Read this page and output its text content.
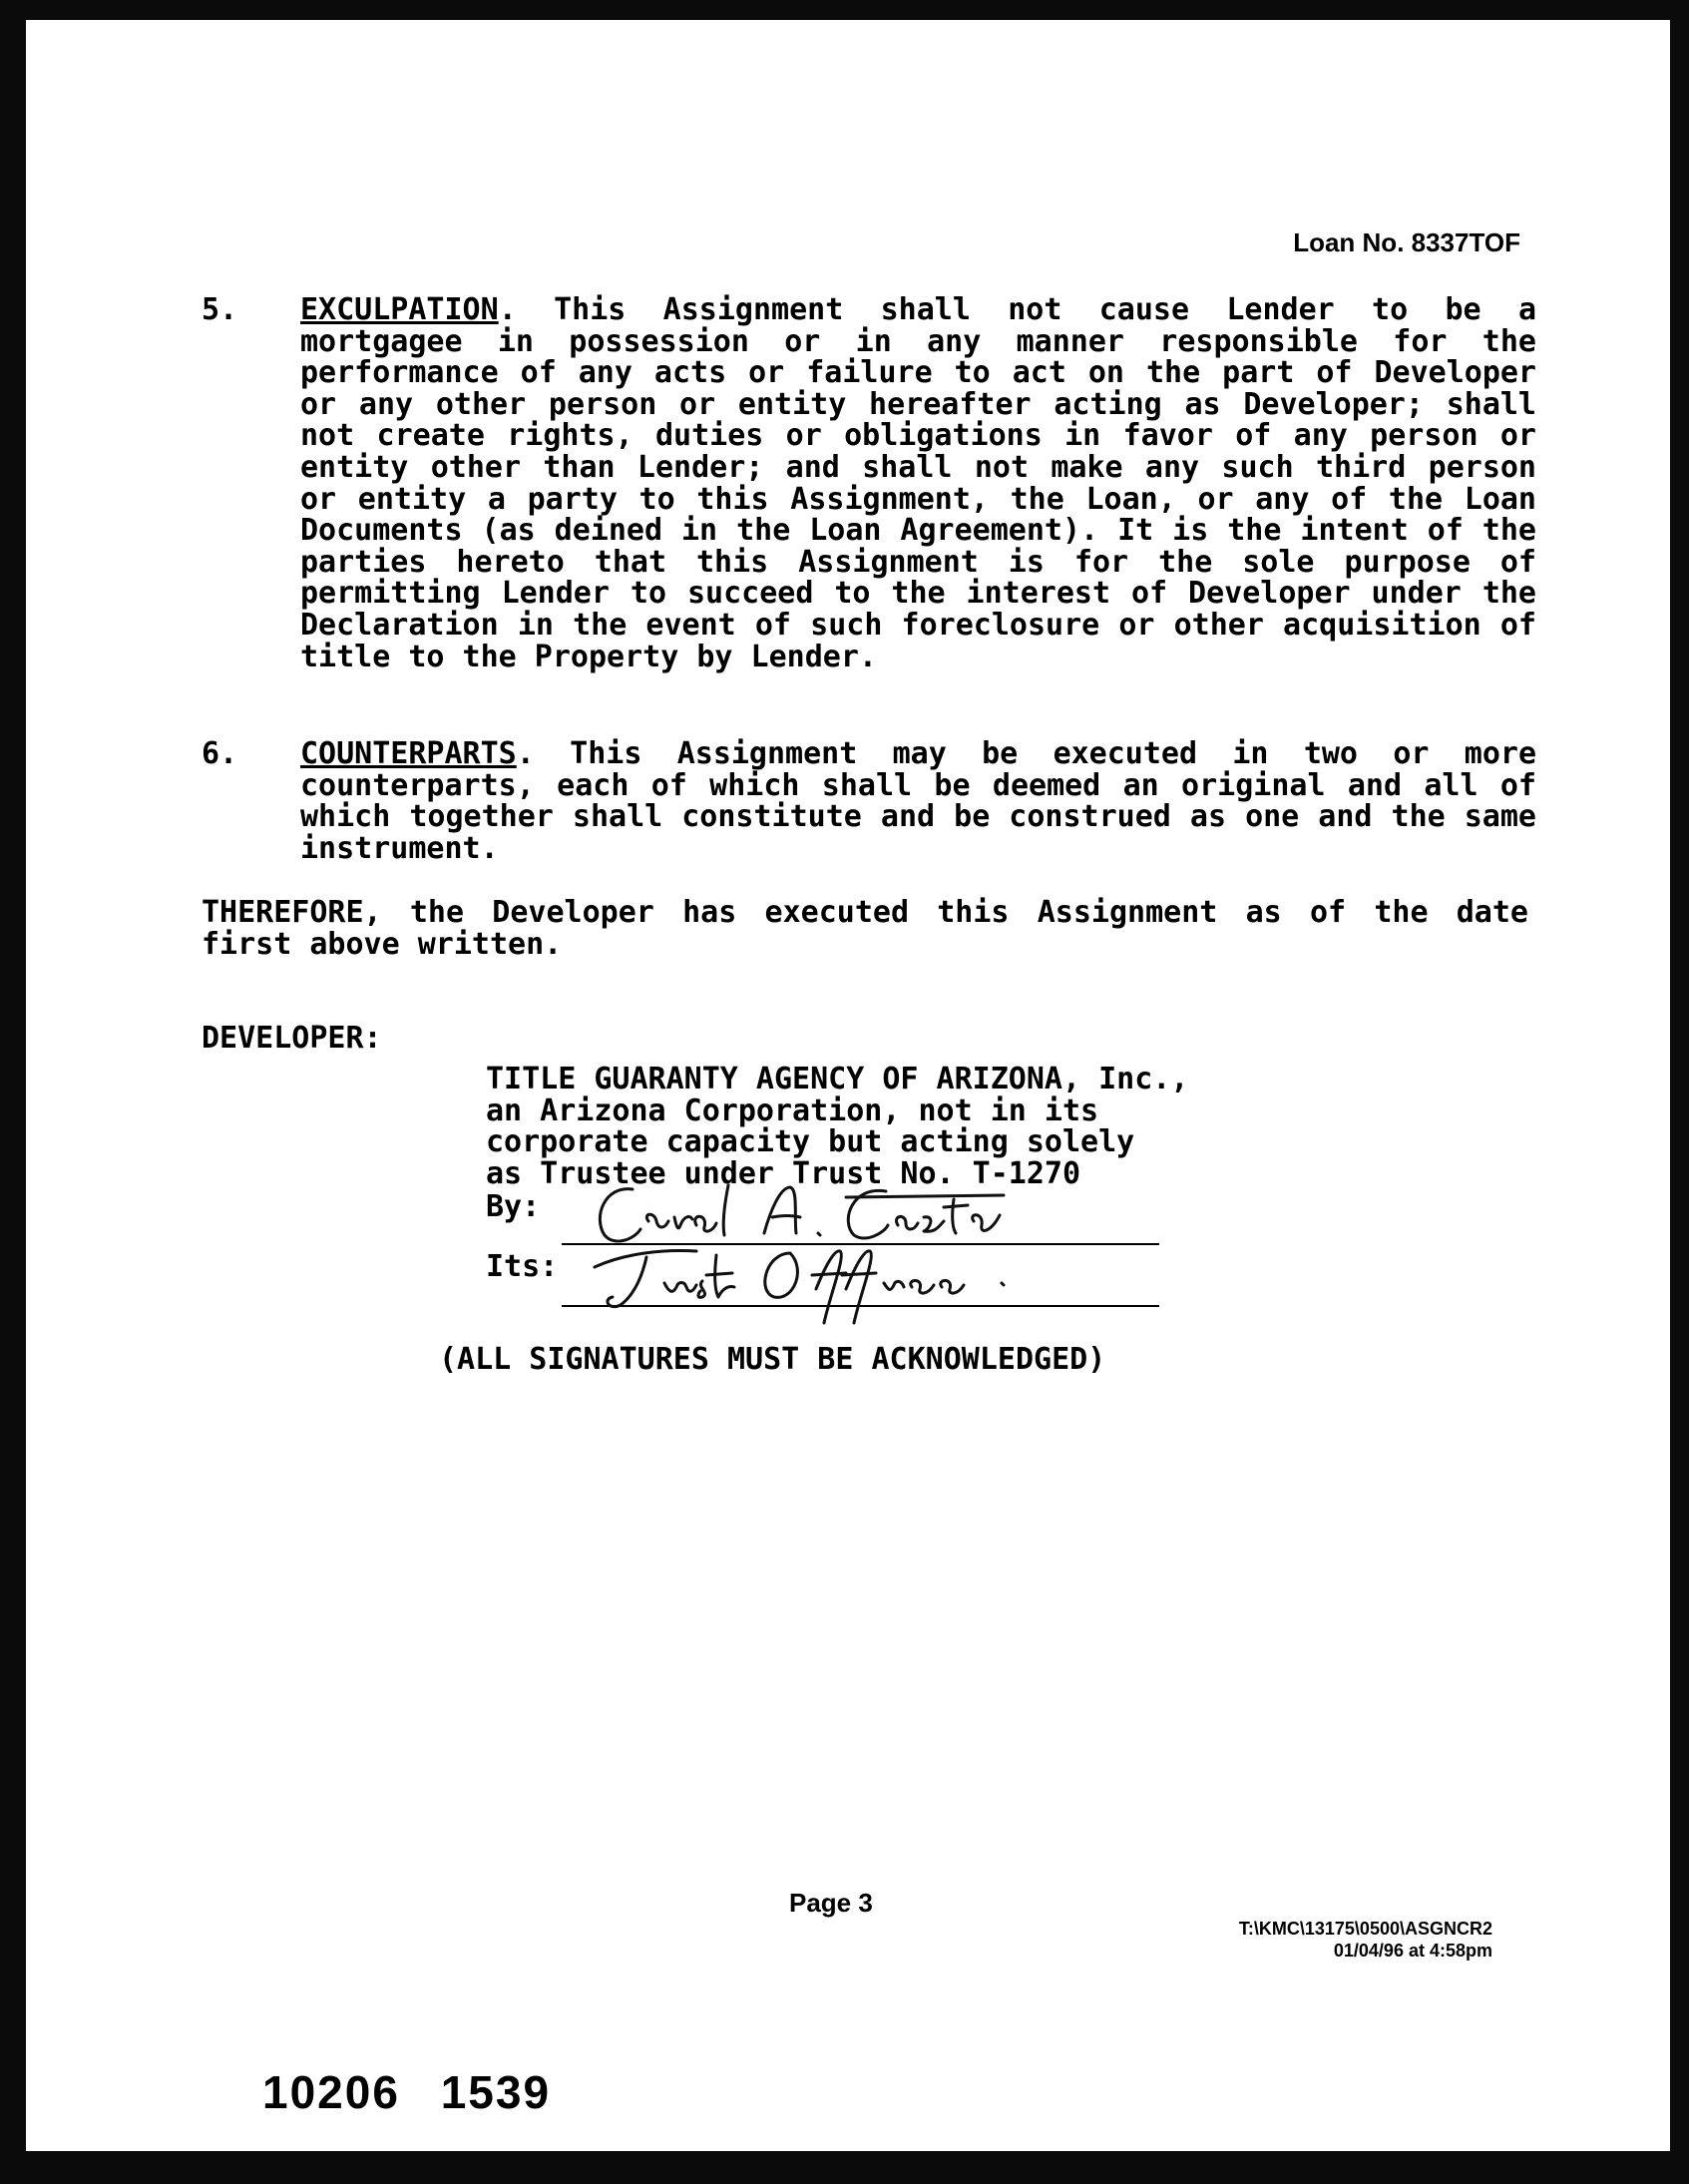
Loan No. 8337TOF
5. EXCULPATION. This Assignment shall not cause Lender to be a mortgagee in possession or in any manner responsible for the performance of any acts or failure to act on the part of Developer or any other person or entity hereafter acting as Developer; shall not create rights, duties or obligations in favor of any person or entity other than Lender; and shall not make any such third person or entity a party to this Assignment, the Loan, or any of the Loan Documents (as deined in the Loan Agreement). It is the intent of the parties hereto that this Assignment is for the sole purpose of permitting Lender to succeed to the interest of Developer under the Declaration in the event of such foreclosure or other acquisition of title to the Property by Lender.
6. COUNTERPARTS. This Assignment may be executed in two or more counterparts, each of which shall be deemed an original and all of which together shall constitute and be construed as one and the same instrument.
THEREFORE, the Developer has executed this Assignment as of the date first above written.
DEVELOPER:
TITLE GUARANTY AGENCY OF ARIZONA, Inc.,
an Arizona Corporation, not in its
corporate capacity but acting solely
as Trustee under Trust No. T-1270
By:
Its:
(ALL SIGNATURES MUST BE ACKNOWLEDGED)
Page 3
T:\KMC\13175\0500\ASGNCR2
01/04/96 at 4:58pm
10206 1539
